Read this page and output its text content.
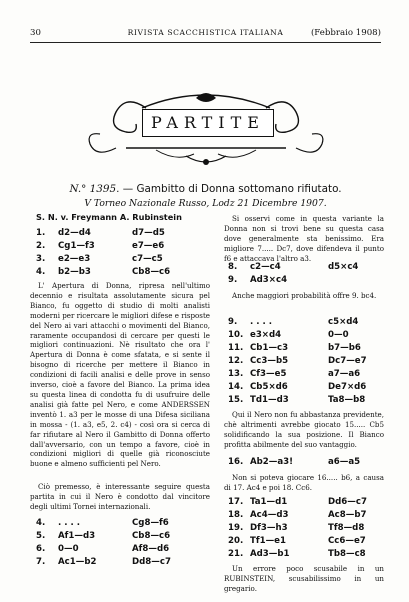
30	RIVISTA SCACCHISTICA ITALIANA	(Febbraio 1908)
PARTITE
N.° 1395. — Gambitto di Donna sottomano rifiutato.
V Torneo Nazionale Russo, Lodz 21 Dicembre 1907.
S. N. v. Freymann A. Rubinstein
1. d2—d4	d7—d5
2. Cg1—f3	e7—e6
3. e2—e3	c7—c5
4. b2—b3	Cb8—c6

L' Apertura di Donna, ripresa nell'ultimo decennio e risultata assolutamente sicura pel Bianco, fu oggetto di studio di molti analisti moderni per ricercare le migliori difese e risposte del Nero ai vari attacchi o movimenti del Bianco, raramente occupandosi di cercare per questi le migliori continuazioni. Nè risultato che ora l' Apertura di Donna è come sfatata, e si sente il bisogno di ricerche per mettere il Bianco in condizioni di facili analisi e delle prove in senso inverso, cioè a favore del Bianco. La prima idea su questa linea di condotta fu di usufruire delle analisi già fatte pel Nero, e come ANDERSSEN inventò 1. a3 per le mosse di una Difesa siciliana in mossa - (1. a3, e5, 2. c4) - così ora si cerca di far rifiutare al Nero il Gambitto di Donna offerto dall'avversario, con un tempo a favore, cioè in condizioni migliori di quelle già riconosciute buone e almeno sufficienti pel Nero.

Ciò premesso, è interessante seguire questa partita in cui il Nero è condotto dal vincitore degli ultimi Tornei internazionali.

4. . . . .	Cg8—f6
5. Af1—d3	Cb8—c6
6. 0—0	Af8—d6
7. Ac1—b2	Dd8—c7

Si osservi come in questa variante la Donna non si trovi bene su questa casa dove generalmente sta benissimo. Era migliore 7..... Dc7, dove difendeva il punto f6 e attaccava l'altro a3.

8. c2—c4	d5×c4
9. Ad3×c4

Anche maggiori probabilità offre 9. bc4.

9. . . . .	c5×d4
10. e3×d4	0—0
11. Cb1—c3	b7—b6
12. Cc3—b5	Dc7—e7
13. Cf3—e5	a7—a6
14. Cb5×d6	De7×d6
15. Td1—d3	Ta8—b8

Qui il Nero non fu abbastanza previdente, chè altrimenti avrebbe giocato 15..... Cb5 solidificando la sua posizione. Il Bianco profitta abilmente del suo vantaggio.

16. Ab2—a3!	a6—a5

Non si poteva giocare 16..... b6, a causa di 17. Ac4 e poi 18. Cc6.

17. Ta1—d1	Dd6—c7
18. Ac4—d3	Ac8—b7
19. Df3—h3	Tf8—d8
20. Tf1—e1	Cc6—e7
21. Ad3—b1	Tb8—c8

Un errore poco scusabile in un RUBINSTEIN, scusabilissimo in un gregario.
